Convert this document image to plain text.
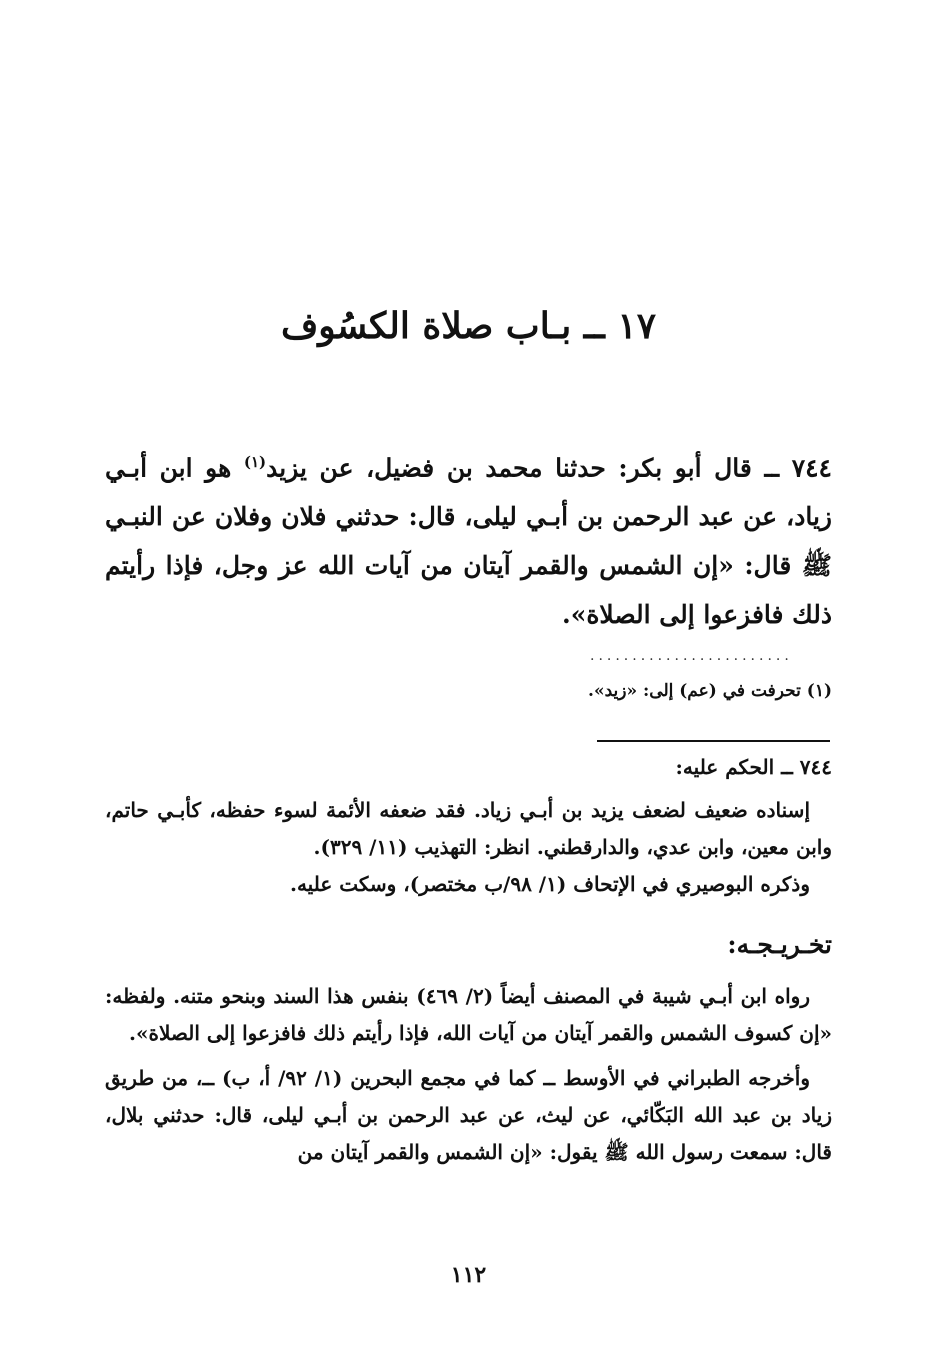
١٧ ــ بـاب صلاة الكسُوف

٧٤٤ ــ قال أبو بكر: حدثنا محمد بن فضيل، عن يزيد$^{(١)}$ هو ابن أبـي زياد، عن عبد الرحمن بن أبـي ليلى، قال: حدثني فلان وفلان عن النبـي ﷺ قال: «إن الشمس والقمر آيتان من آيات الله عز وجل، فإذا رأيتم ذلك فافزعوا إلى الصلاة».

........................
(١) تحرفت في (عم) إلى: «زيد».
٧٤٤ ــ الحكم عليه:

إسناده ضعيف لضعف يزيد بن أبـي زياد. فقد ضعفه الأئمة لسوء حفظه، كأبـي حاتم، وابن معين، وابن عدي، والدارقطني. انظر: التهذيب (١١/ ٣٢٩).

وذكره البوصيري في الإتحاف (١/ ٩٨/ب مختصر)، وسكت عليه.

تخـريـجـه:

رواه ابن أبـي شيبة في المصنف أيضاً (٢/ ٤٦٩) بنفس هذا السند وبنحو متنه. ولفظه: «إن كسوف الشمس والقمر آيتان من آيات الله، فإذا رأيتم ذلك فافزعوا إلى الصلاة».

وأخرجه الطبراني في الأوسط ــ كما في مجمع البحرين (١/ ٩٢/ أ، ب) ــ، من طريق زياد بن عبد الله البَكّائي، عن ليث، عن عبد الرحمن بن أبـي ليلى، قال: حدثني بلال، قال: سمعت رسول الله ﷺ يقول: «إن الشمس والقمر آيتان من

١١٢
